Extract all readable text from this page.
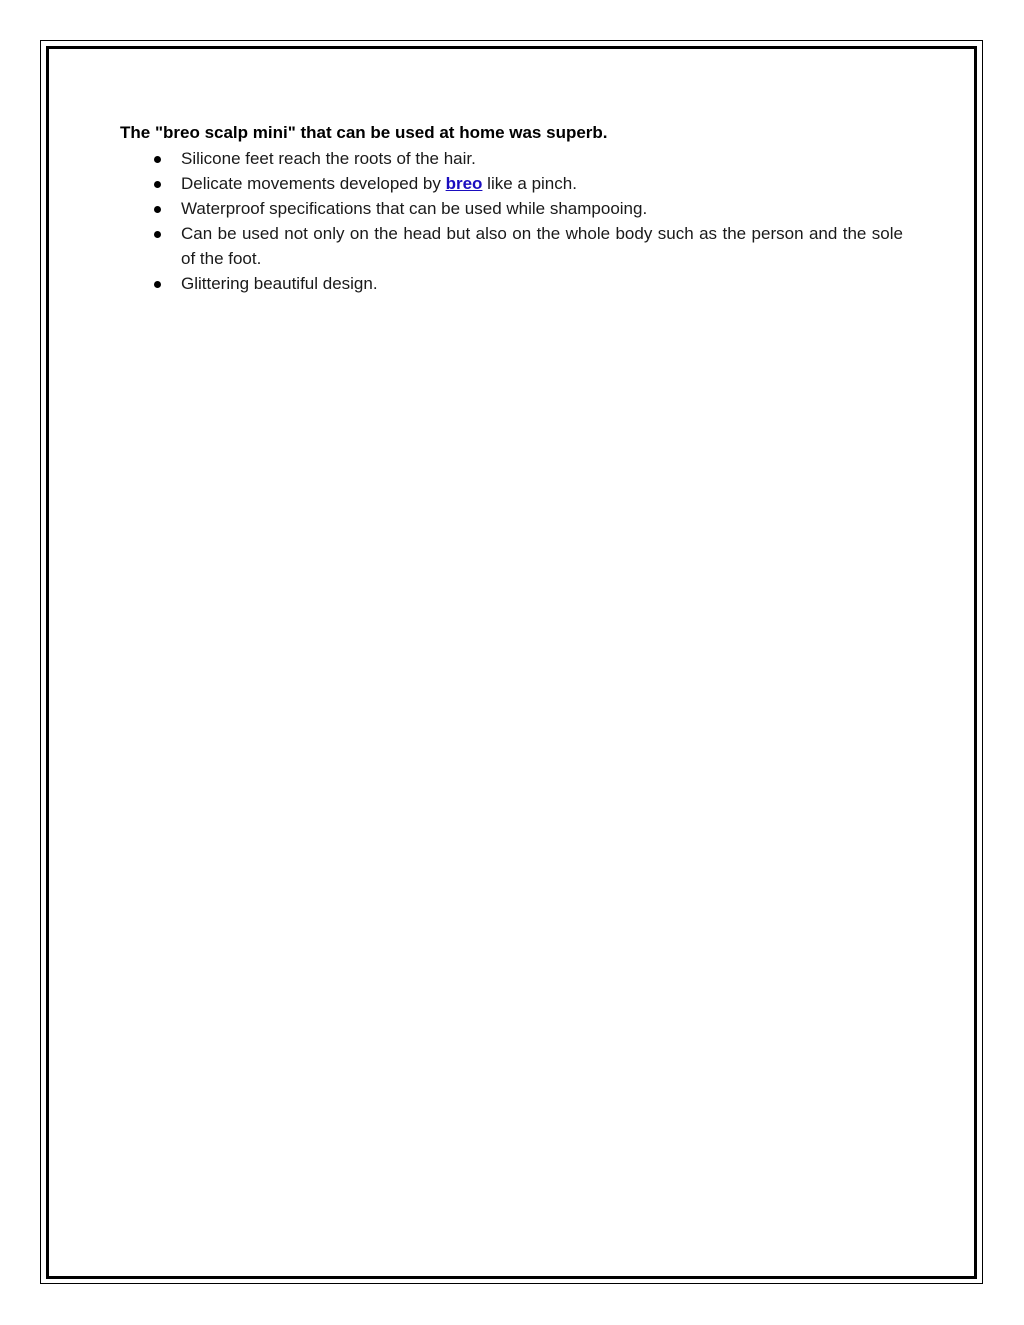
The "breo scalp mini" that can be used at home was superb.

Silicone feet reach the roots of the hair.
Delicate movements developed by breo like a pinch.
Waterproof specifications that can be used while shampooing.
Can be used not only on the head but also on the whole body such as the person and the sole of the foot.
Glittering beautiful design.
